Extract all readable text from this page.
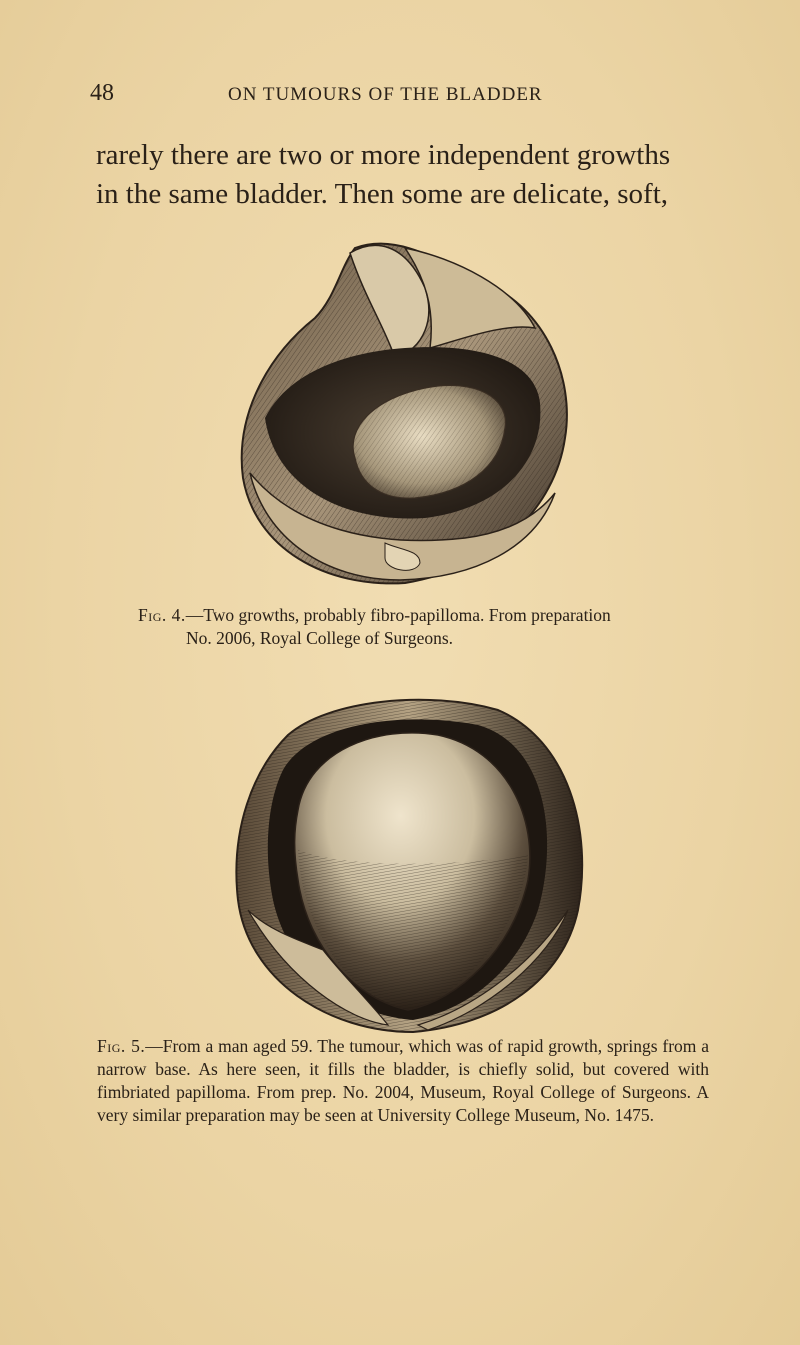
48	ON TUMOURS OF THE BLADDER
rarely there are two or more independent growths
in the same bladder. Then some are delicate, soft,
Fig. 4.—Two growths, probably fibro-papilloma. From preparation
No. 2006, Royal College of Surgeons.
Fig. 5.—From a man aged 59. The tumour, which was of rapid growth, springs from a narrow base. As here seen, it fills the bladder, is chiefly solid, but covered with fimbriated papilloma. From prep. No. 2004, Museum, Royal College of Surgeons. A very similar preparation may be seen at University College Museum, No. 1475.
